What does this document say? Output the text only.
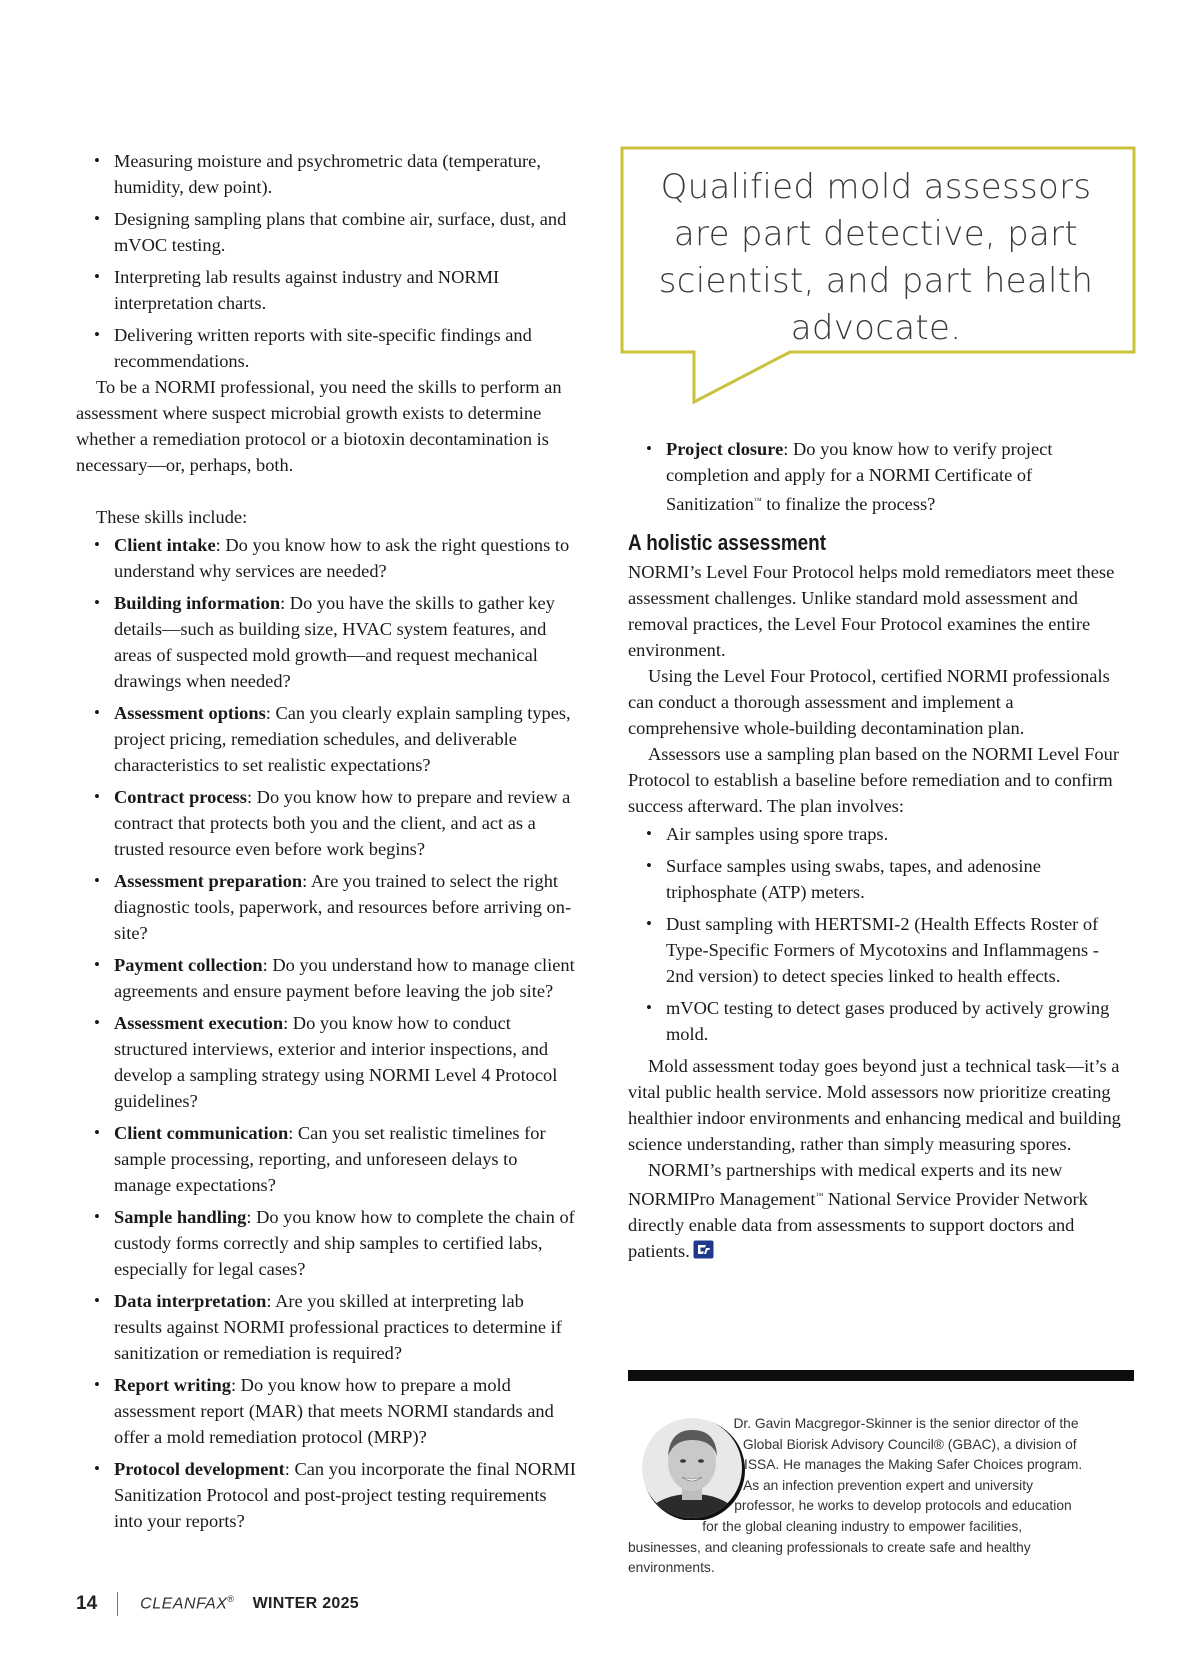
• Measuring moisture and psychrometric data (temperature, humidity, dew point).
• Designing sampling plans that combine air, surface, dust, and mVOC testing.
• Interpreting lab results against industry and NORMI interpretation charts.
• Delivering written reports with site-specific findings and recommendations.

To be a NORMI professional, you need the skills to perform an assessment where suspect microbial growth exists to determine whether a remediation protocol or a biotoxin decontamination is necessary—or, perhaps, both.

These skills include:

• Client intake: Do you know how to ask the right questions to understand why services are needed?
• Building information: Do you have the skills to gather key details—such as building size, HVAC system features, and areas of suspected mold growth—and request mechanical drawings when needed?
• Assessment options: Can you clearly explain sampling types, project pricing, remediation schedules, and deliverable characteristics to set realistic expectations?
• Contract process: Do you know how to prepare and review a contract that protects both you and the client, and act as a trusted resource even before work begins?
• Assessment preparation: Are you trained to select the right diagnostic tools, paperwork, and resources before arriving on-site?
• Payment collection: Do you understand how to manage client agreements and ensure payment before leaving the job site?
• Assessment execution: Do you know how to conduct structured interviews, exterior and interior inspections, and develop a sampling strategy using NORMI Level 4 Protocol guidelines?
• Client communication: Can you set realistic timelines for sample processing, reporting, and unforeseen delays to manage expectations?
• Sample handling: Do you know how to complete the chain of custody forms correctly and ship samples to certified labs, especially for legal cases?
• Data interpretation: Are you skilled at interpreting lab results against NORMI professional practices to determine if sanitization or remediation is required?
• Report writing: Do you know how to prepare a mold assessment report (MAR) that meets NORMI standards and offer a mold remediation protocol (MRP)?
• Protocol development: Can you incorporate the final NORMI Sanitization Protocol and post-project testing requirements into your reports?
Qualified mold assessors are part detective, part scientist, and part health advocate.
• Project closure: Do you know how to verify project completion and apply for a NORMI Certificate of Sanitization™ to finalize the process?
A holistic assessment

NORMI’s Level Four Protocol helps mold remediators meet these assessment challenges. Unlike standard mold assessment and removal practices, the Level Four Protocol examines the entire environment.

Using the Level Four Protocol, certified NORMI professionals can conduct a thorough assessment and implement a comprehensive whole-building decontamination plan.

Assessors use a sampling plan based on the NORMI Level Four Protocol to establish a baseline before remediation and to confirm success afterward. The plan involves:

• Air samples using spore traps.
• Surface samples using swabs, tapes, and adenosine triphosphate (ATP) meters.
• Dust sampling with HERTSMI-2 (Health Effects Roster of Type-Specific Formers of Mycotoxins and Inflammagens - 2nd version) to detect species linked to health effects.
• mVOC testing to detect gases produced by actively growing mold.

Mold assessment today goes beyond just a technical task—it’s a vital public health service. Mold assessors now prioritize creating healthier indoor environments and enhancing medical and building science understanding, rather than simply measuring spores.

NORMI’s partnerships with medical experts and its new NORMIPro Management™ National Service Provider Network directly enable data from assessments to support doctors and patients.

Dr. Gavin Macgregor-Skinner is the senior director of the Global Biorisk Advisory Council® (GBAC), a division of ISSA. He manages the Making Safer Choices program. As an infection prevention expert and university professor, he works to develop protocols and education for the global cleaning industry to empower facilities, businesses, and cleaning professionals to create safe and healthy environments.
14	CLEANFAX® WINTER 2025
